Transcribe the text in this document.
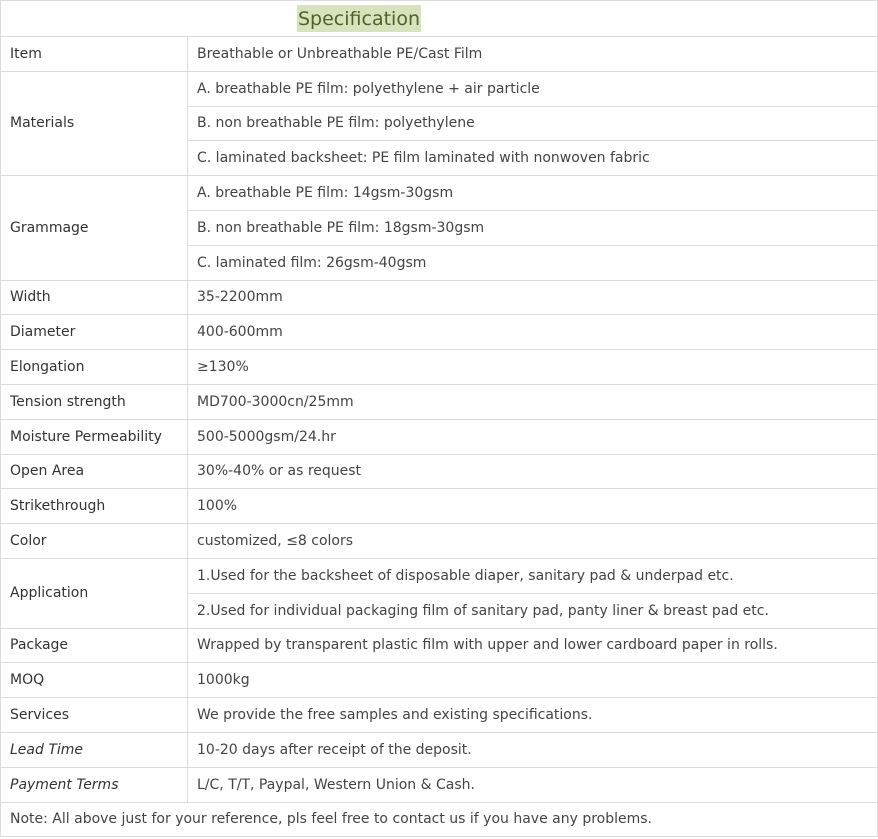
Specification	
Item	Breathable or Unbreathable PE/Cast Film
Materials	A. breathable PE film: polyethylene + air particle
	B. non breathable PE film: polyethylene
	C. laminated backsheet: PE film laminated with nonwoven fabric
Grammage	A. breathable PE film: 14gsm-30gsm
	B. non breathable PE film: 18gsm-30gsm
	C. laminated film: 26gsm-40gsm
Width	35-2200mm
Diameter	400-600mm
Elongation	≥130%
Tension strength	MD700-3000cn/25mm
Moisture Permeability	500-5000gsm/24.hr
Open Area	30%-40% or as request
Strikethrough	100%
Color	customized, ≤8 colors
Application	1.Used for the backsheet of disposable diaper, sanitary pad & underpad etc.
	2.Used for individual packaging film of sanitary pad, panty liner & breast pad etc.
Package	Wrapped by transparent plastic film with upper and lower cardboard paper in rolls.
MOQ	1000kg
Services	We provide the free samples and existing specifications.
Lead Time	10-20 days after receipt of the deposit.
Payment Terms	L/C, T/T, Paypal, Western Union & Cash.
Note: All above just for your reference, pls feel free to contact us if you have any problems.	
